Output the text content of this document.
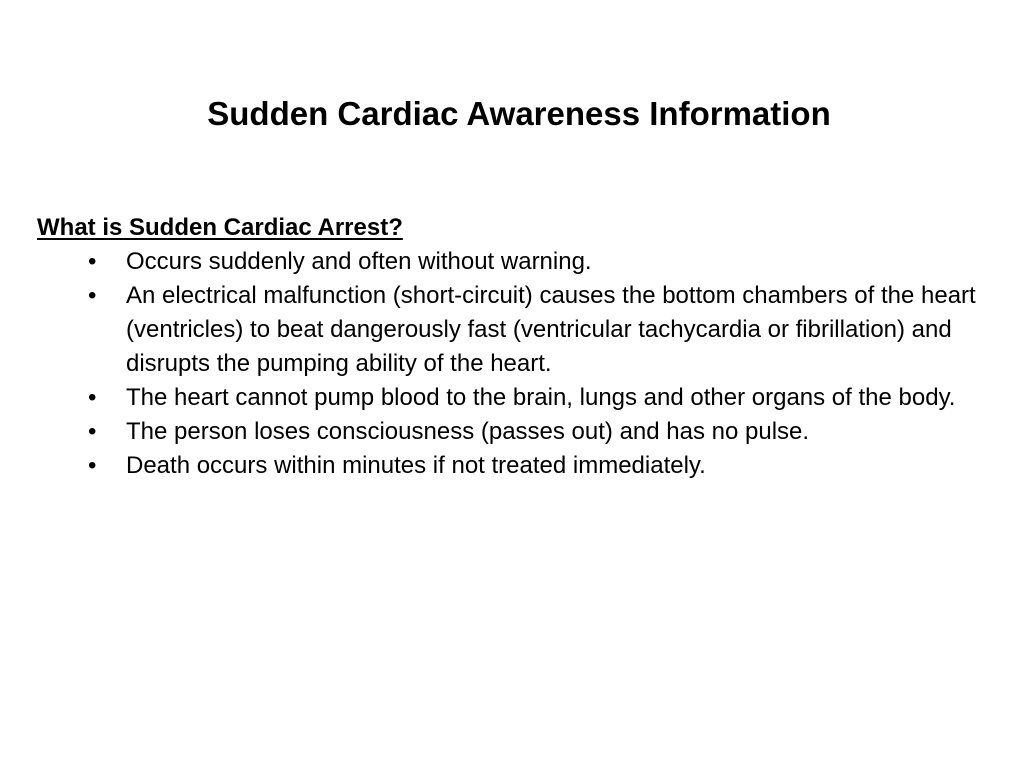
Sudden Cardiac Awareness Information

What is Sudden Cardiac Arrest?

• Occurs suddenly and often without warning.
• An electrical malfunction (short-circuit) causes the bottom chambers of the heart (ventricles) to beat dangerously fast (ventricular tachycardia or fibrillation) and disrupts the pumping ability of the heart.
• The heart cannot pump blood to the brain, lungs and other organs of the body.
• The person loses consciousness (passes out) and has no pulse.
• Death occurs within minutes if not treated immediately.
